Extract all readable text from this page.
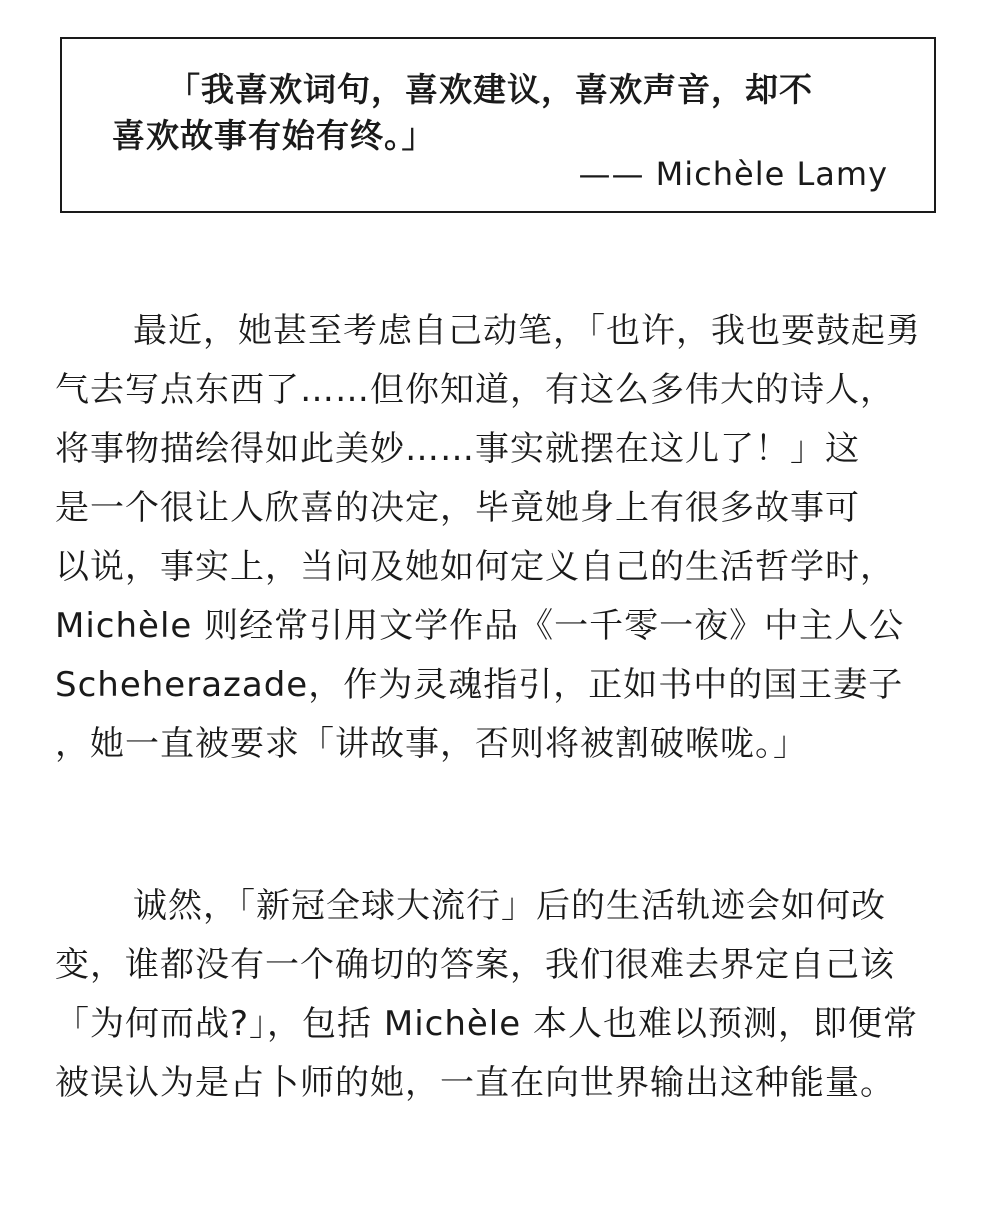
「我喜欢词句，喜欢建议，喜欢声音，却不
喜欢故事有始有终。」

—— Michèle Lamy

最近，她甚至考虑自己动笔，「也许，我也要鼓起勇
气去写点东西了……但你知道，有这么多伟大的诗人，
将事物描绘得如此美妙……事实就摆在这儿了！」这
是一个很让人欣喜的决定，毕竟她身上有很多故事可
以说，事实上，当问及她如何定义自己的生活哲学时，
Michèle 则经常引用文学作品《一千零一夜》中主人公
Scheherazade，作为灵魂指引，正如书中的国王妻子
，她一直被要求「讲故事，否则将被割破喉咙。」

诚然，「新冠全球大流行」后的生活轨迹会如何改
变，谁都没有一个确切的答案，我们很难去界定自己该
「为何而战?」，包括 Michèle 本人也难以预测，即便常
被误认为是占卜师的她，一直在向世界输出这种能量。
